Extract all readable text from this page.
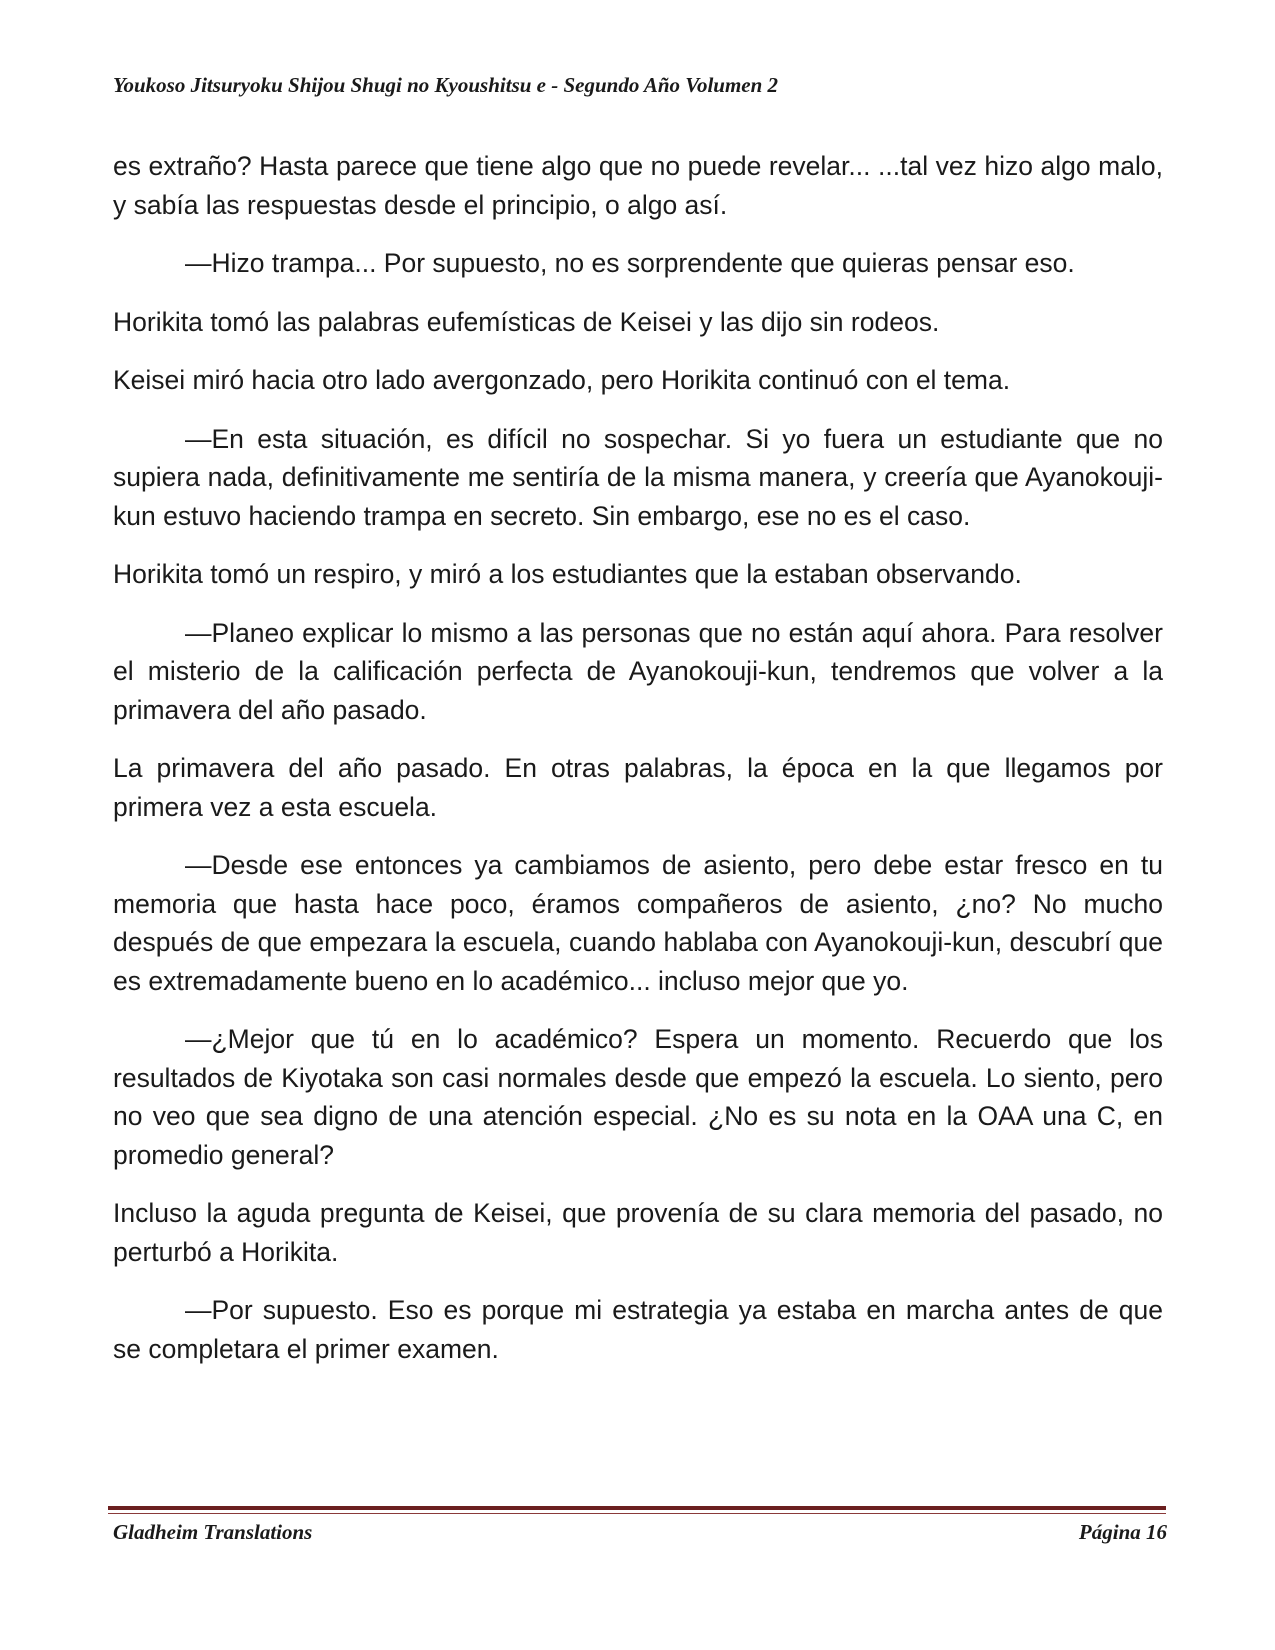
Youkoso Jitsuryoku Shijou Shugi no Kyoushitsu e - Segundo Año Volumen 2

es extraño? Hasta parece que tiene algo que no puede revelar... ...tal vez hizo algo malo, y sabía las respuestas desde el principio, o algo así.

—Hizo trampa... Por supuesto, no es sorprendente que quieras pensar eso.

Horikita tomó las palabras eufemísticas de Keisei y las dijo sin rodeos.

Keisei miró hacia otro lado avergonzado, pero Horikita continuó con el tema.

—En esta situación, es difícil no sospechar. Si yo fuera un estudiante que no supiera nada, definitivamente me sentiría de la misma manera, y creería que Ayanokouji-kun estuvo haciendo trampa en secreto. Sin embargo, ese no es el caso.

Horikita tomó un respiro, y miró a los estudiantes que la estaban observando.

—Planeo explicar lo mismo a las personas que no están aquí ahora. Para resolver el misterio de la calificación perfecta de Ayanokouji-kun, tendremos que volver a la primavera del año pasado.

La primavera del año pasado. En otras palabras, la época en la que llegamos por primera vez a esta escuela.

—Desde ese entonces ya cambiamos de asiento, pero debe estar fresco en tu memoria que hasta hace poco, éramos compañeros de asiento, ¿no? No mucho después de que empezara la escuela, cuando hablaba con Ayanokouji-kun, descubrí que es extremadamente bueno en lo académico... incluso mejor que yo.

—¿Mejor que tú en lo académico? Espera un momento. Recuerdo que los resultados de Kiyotaka son casi normales desde que empezó la escuela. Lo siento, pero no veo que sea digno de una atención especial. ¿No es su nota en la OAA una C, en promedio general?

Incluso la aguda pregunta de Keisei, que provenía de su clara memoria del pasado, no perturbó a Horikita.

—Por supuesto. Eso es porque mi estrategia ya estaba en marcha antes de que se completara el primer examen.

Gladheim Translations	Página 16
